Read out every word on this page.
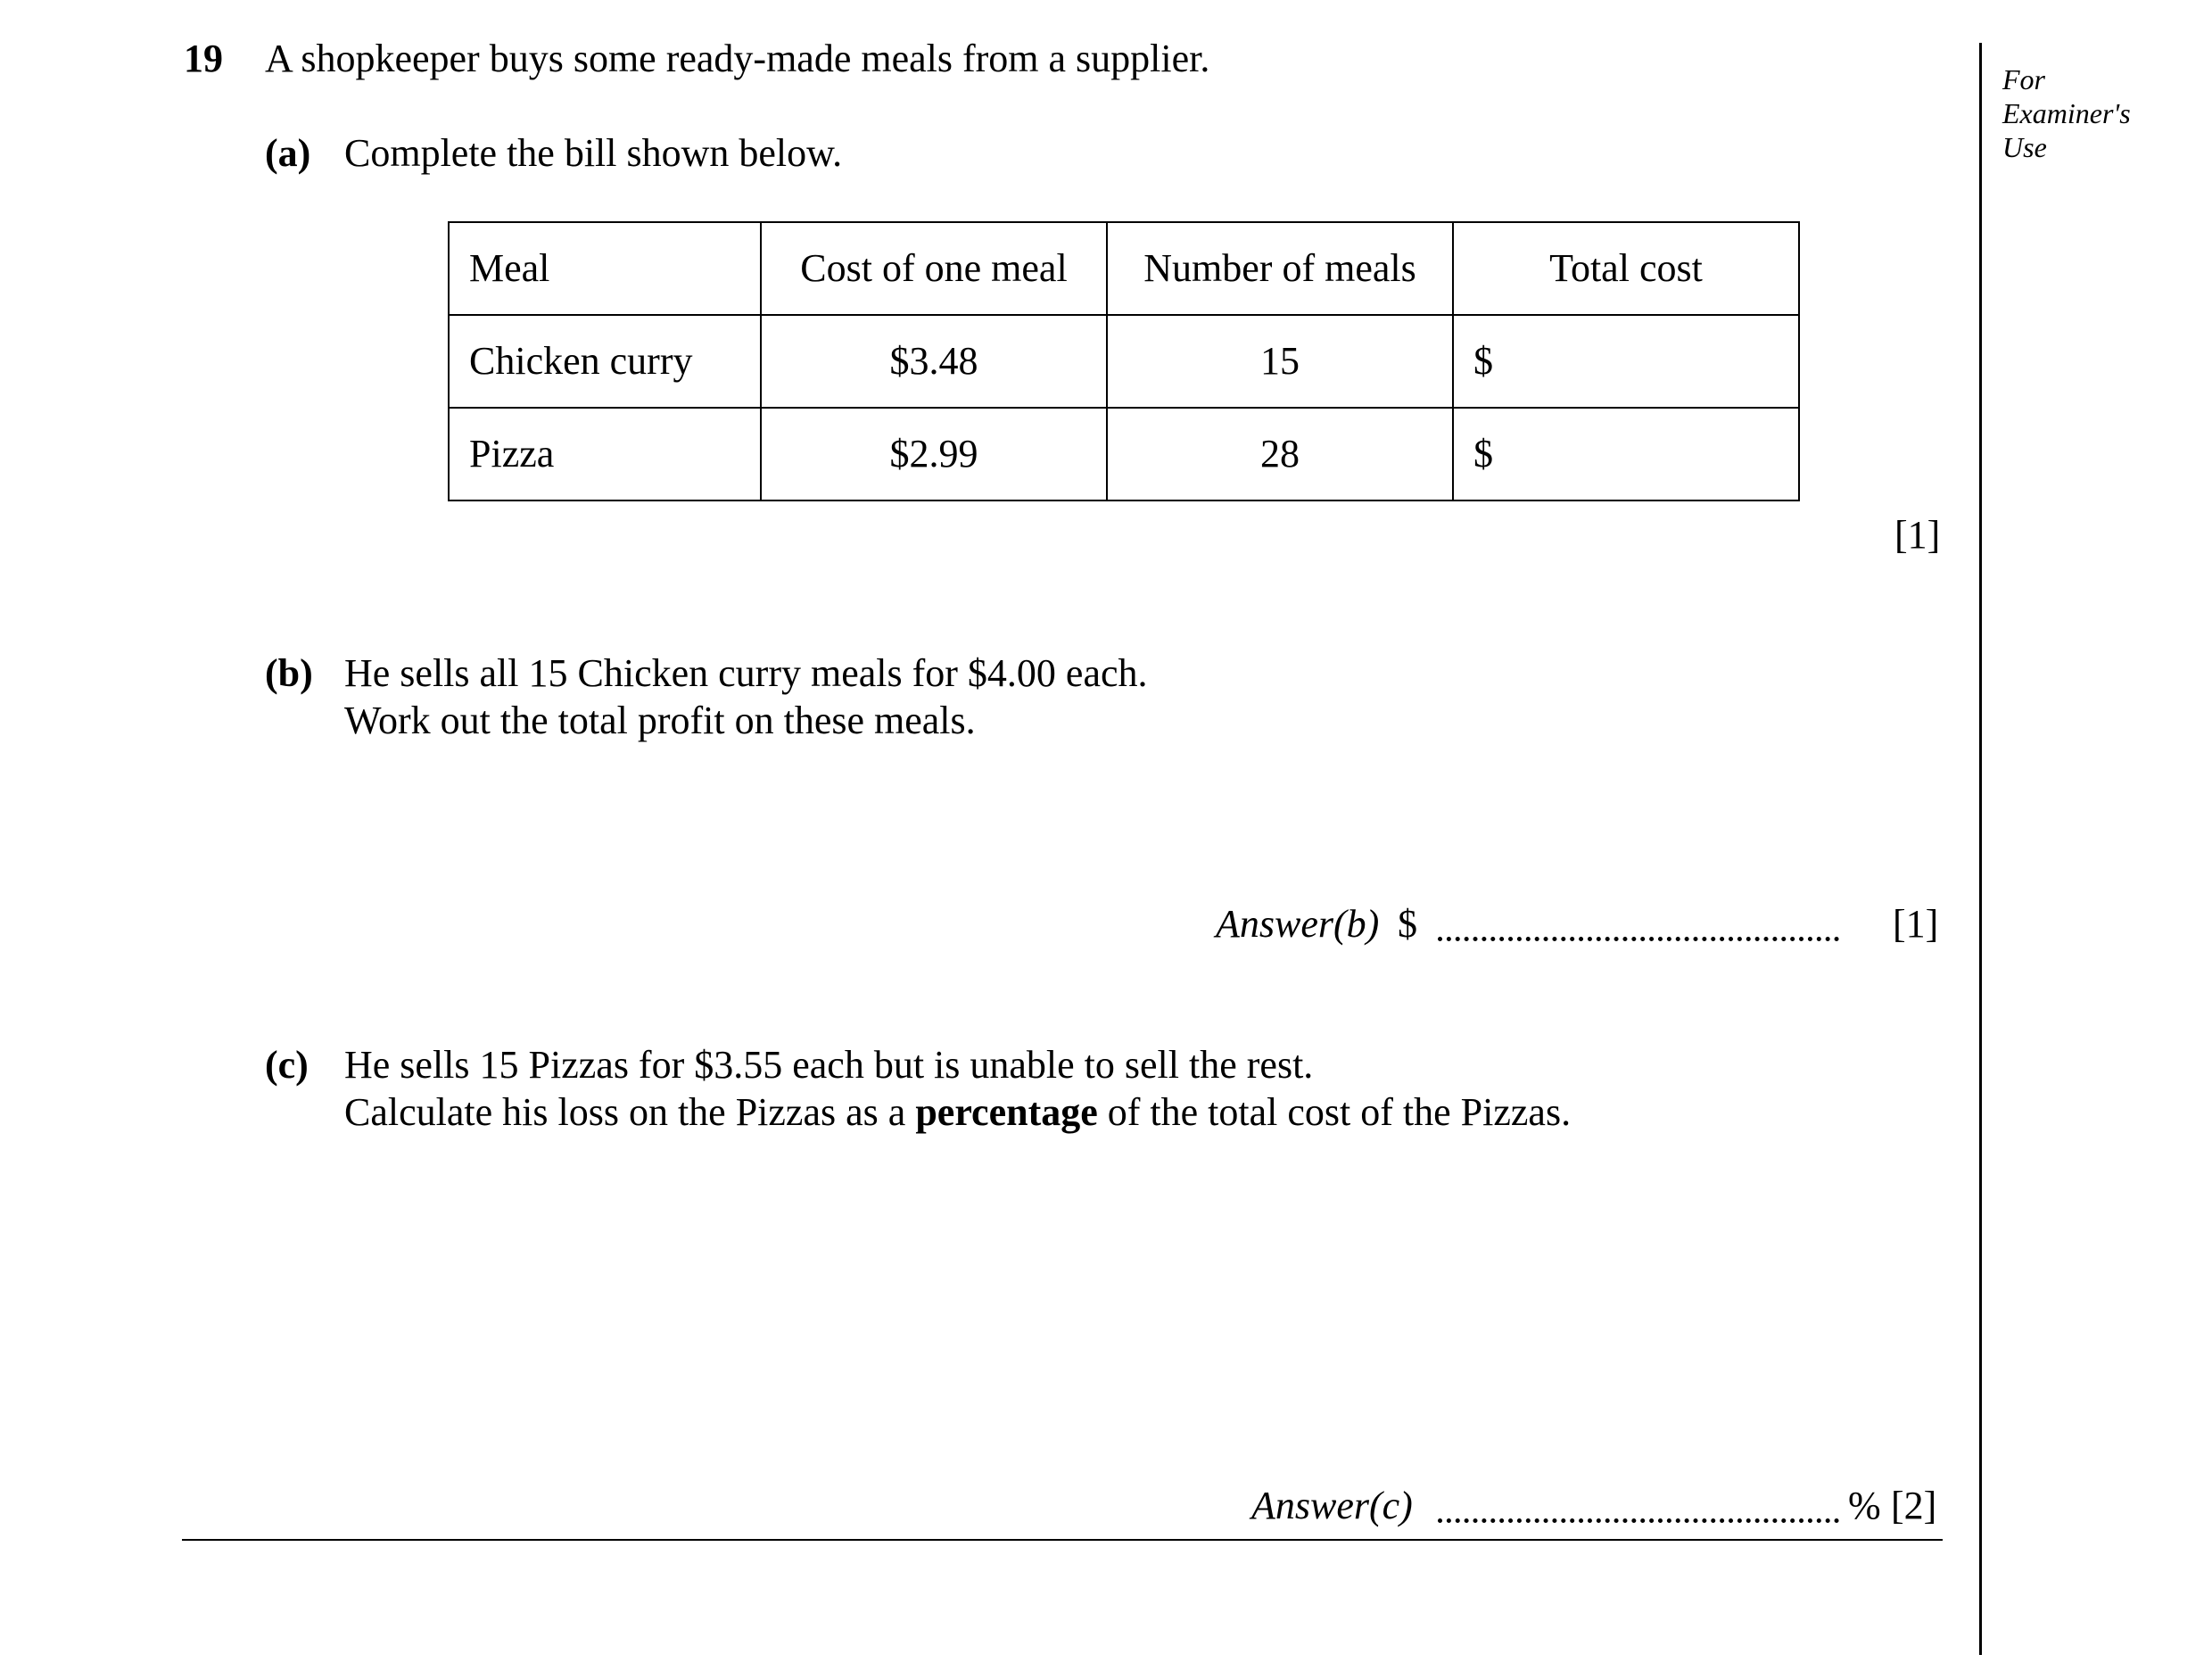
19 A shopkeeper buys some ready-made meals from a supplier.	For
Examiner's
Use
(a) Complete the bill shown below.
Meal	Cost of one meal	Number of meals	Total cost
Chicken curry	$3.48	15	$
Pizza	$2.99	28	$
[1]
(b) He sells all 15 Chicken curry meals for $4.00 each.
Work out the total profit on these meals.
Answer(b) $	[1]
(c) He sells 15 Pizzas for $3.55 each but is unable to sell the rest.
Calculate his loss on the Pizzas as a percentage of the total cost of the Pizzas.
Answer(c)	% [2]
